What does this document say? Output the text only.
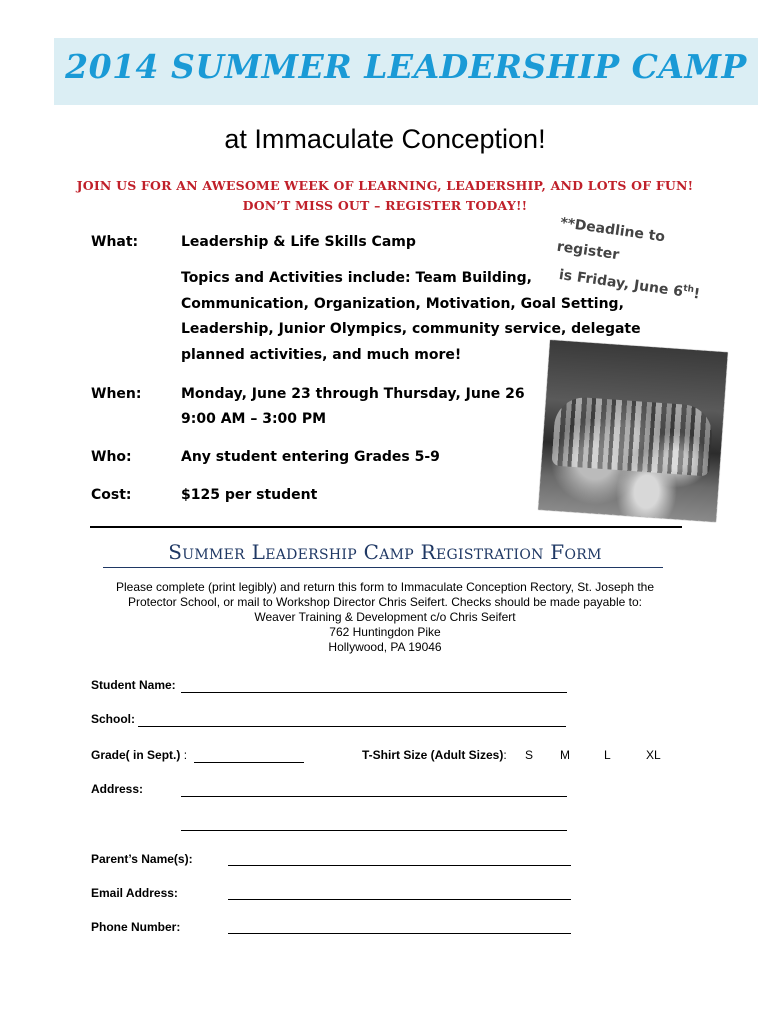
2014 SUMMER LEADERSHIP CAMP
at Immaculate Conception!
JOIN US FOR AN AWESOME WEEK OF LEARNING, LEADERSHIP, AND LOTS OF FUN!
DON’T MISS OUT – REGISTER TODAY!!
**Deadline to register
is Friday, June 6th!
What:	Leadership & Life Skills Camp
Topics and Activities include: Team Building,
Communication, Organization, Motivation, Goal Setting,
Leadership, Junior Olympics, community service, delegate
planned activities, and much more!
When:	Monday, June 23 through Thursday, June 26
9:00 AM – 3:00 PM
Who:	Any student entering Grades 5-9
Cost:	$125 per student
Summer Leadership Camp Registration Form
Please complete (print legibly) and return this form to Immaculate Conception Rectory, St. Joseph the
Protector School, or mail to Workshop Director Chris Seifert. Checks should be made payable to:
Weaver Training & Development c/o Chris Seifert
762 Huntingdon Pike
Hollywood, PA 19046
Student Name:
School:
Grade( in Sept.) :	T-Shirt Size (Adult Sizes): S M	L	XL
Address:
Parent’s Name(s):
Email Address:
Phone Number:
